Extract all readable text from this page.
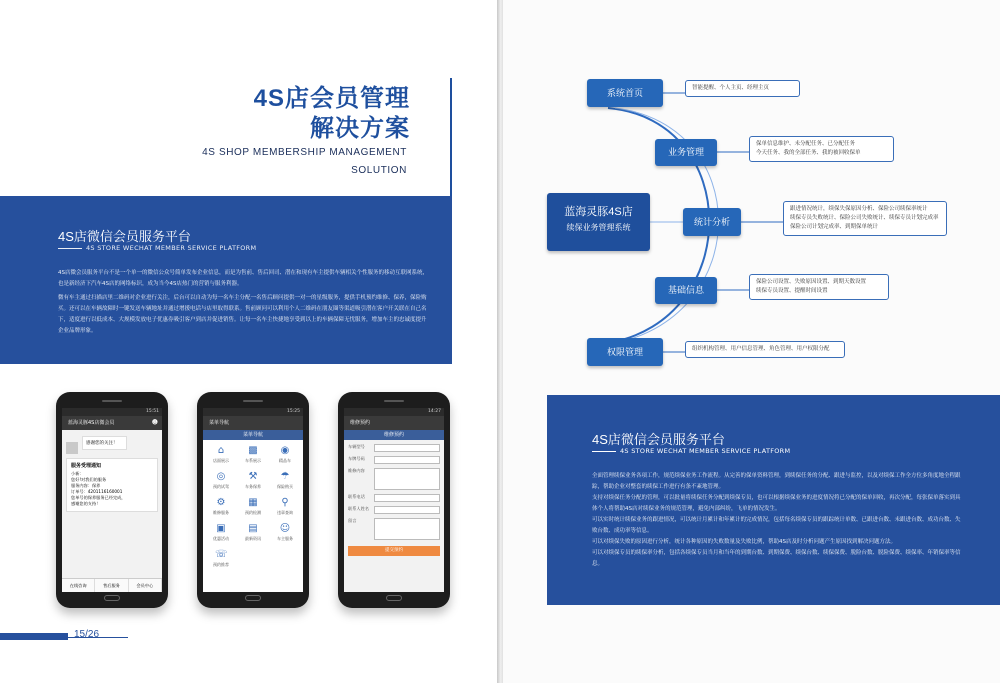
4S店会员管理
解决方案
4S SHOP MEMBERSHIP MANAGEMENT
SOLUTION
4S店微信会员服务平台
4S STORE WECHAT MEMBER SERVICE PLATFORM
4S店微会员服务平台不是一个单一的微信公众号简单发布企业信息，而是为售前、售后回司、潜在和现有车主提供车辆相关个性服务的移动互联网系统，也是新经济下汽车4S店的网络标识，成为当今4S店热门的营销与服务利器。
微有车主通过扫描店里二维码对企业进行关注，后台可以自动为每一名车主分配一名售后顾问提供一对一的星级服务，提供手机预约维修、保养，保险购买。还可以在车辆故障时一键发送车辆地址并通过增援电话与店里取得联系。售前顾问可以利用个人二维码在朋友圈等渠道吸引潜在客户开关联在自己名下，适度进行以低成本、大规模发放电子优惠券吸引客户到店并促进销售。让每一名车主快捷地享受到以上的车辆保障无忧服务，增加车主的忠诚度提升企业品牌形象。
15:51
蓝海灵豚4S店微会员	☻
感谢您的关注！
服务受理通知
小新：
您好!对我们的服务
服务内容：保养
订单号：4201116160001
您单号的保养服务已经完成，
感谢您的支持！
在线咨询	售后服务	会员中心
15:25
菜单导航
菜单导航
⌂
店面展示
▩
车系展示
◉
精品车
◎
预约试驾
⚒
车务保养
☂
保险购买
⚙
维修服务
▦
预约检测
⚲
违章查询
▣
优惠活动
▤
最新资讯
☺
车主服务
☏
预约推荐
14:27
维修预约
维修预约
车辆型号
车牌号码
维修内容
联系电话
联系人姓名
留言
提交预约
15/26
蓝海灵豚4S店
续保业务管理系统
系统首页	智能提醒、个人主页、经理主页
业务管理
保单信息维护、未分配任务、已分配任务
今天任务、我的全部任务、我的被回收保单
统计分析
跟进情况统计，续保失保原因分析、保险公司续保率统计
续保专员失败统计、保险公司失败统计、续保专员计划完成率
保险公司计划完成率、到期保单统计
基础信息
保险公司设置、失败原因设置、到期天数设置
续保专员设置、提醒时间设置
权限管理	组织机构管理、用户信息管理、角色管理、用户权限分配
4S店微信会员服务平台
4S STORE WECHAT MEMBER SERVICE PLATFORM
全面管理续保业务各项工作，规范续保业务工作流程。从完善的保单资料管理，到续保任务的分配、跟进与监控，以及对续保工作全方位多角度地全程跟踪，帮助企业对整套的续保工作进行有条不紊地管理。
支持对续保任务分配的管理，可以批量将续保任务分配到续保专员，也可以根据续保业务的进度情况将已分配的保单回收，再次分配，每张保单落实到具体个人将帮助4S店对续保业务的规范管理，避免内部纠纷，飞单的情况发生。
可以实时统计续保业务的跟进情况，可以统计月累计和年累计的完成情况，包括每名续保专员的跟踪统计单数、已跟进台数、未跟进台数、成功台数、失败台数、成功率等信息。
可以对续保失败的原因进行分析，统计各种原因的失败数量及失败比例，帮助4S店及时分析问题产生原因找到解决问题方法。
可以对续保专员的续保率分析，包括各续保专员当月和当年的到期台数、到期保费、续保台数、续保保费、脱险台数、脱险保费、续保率、年销保率等信息。
